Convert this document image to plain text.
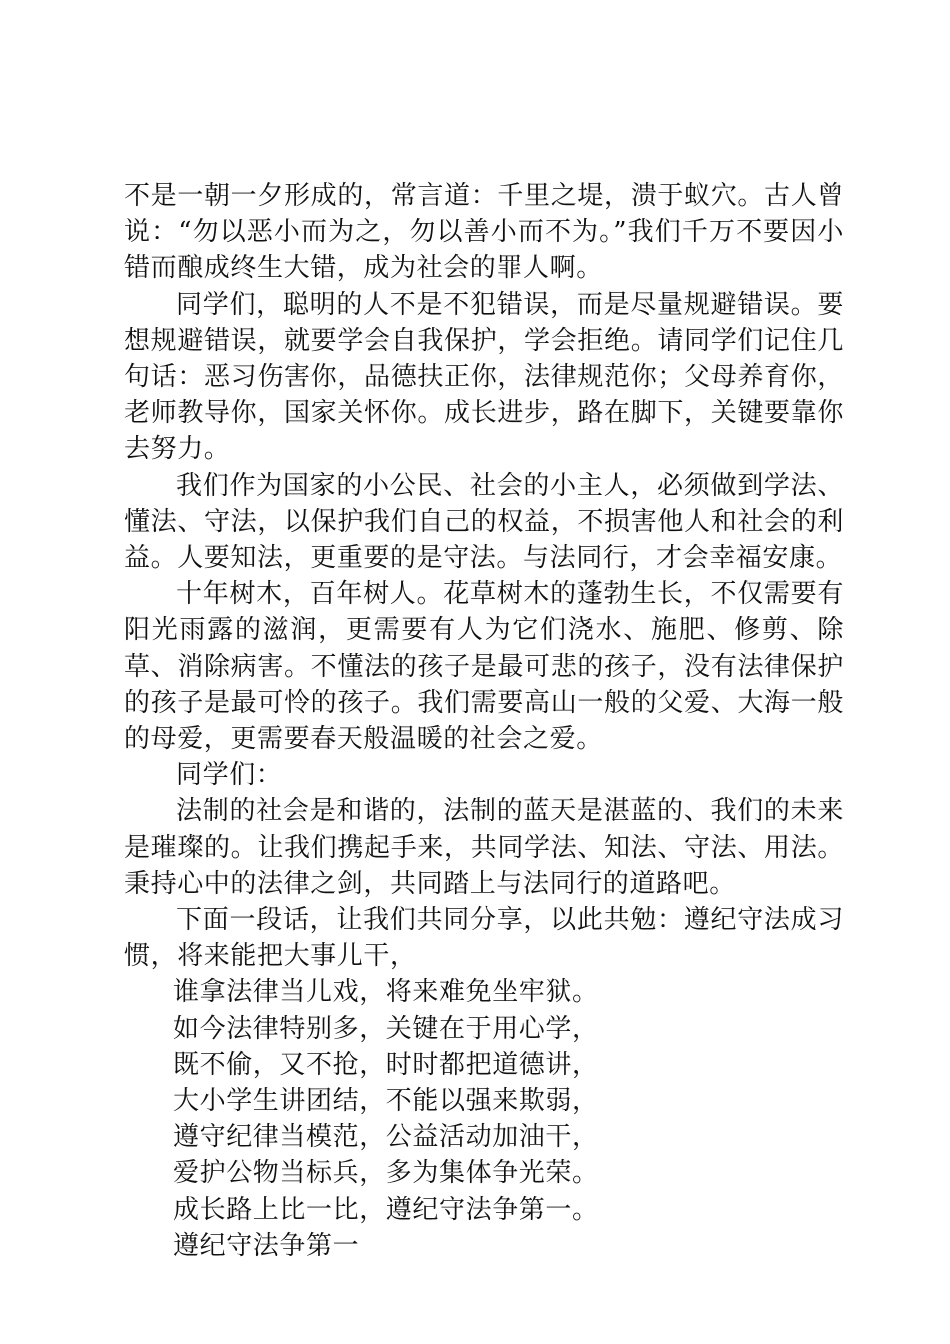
不是一朝一夕形成的，常言道：千里之堤，溃于蚁穴。古人曾说：“勿以恶小而为之，勿以善小而不为。”我们千万不要因小错而酿成终生大错，成为社会的罪人啊。

同学们，聪明的人不是不犯错误，而是尽量规避错误。要想规避错误，就要学会自我保护，学会拒绝。请同学们记住几句话：恶习伤害你，品德扶正你，法律规范你；父母养育你，老师教导你，国家关怀你。成长进步，路在脚下，关键要靠你去努力。

我们作为国家的小公民、社会的小主人，必须做到学法、懂法、守法，以保护我们自己的权益，不损害他人和社会的利益。人要知法，更重要的是守法。与法同行，才会幸福安康。

十年树木，百年树人。花草树木的蓬勃生长，不仅需要有阳光雨露的滋润，更需要有人为它们浇水、施肥、修剪、除草、消除病害。不懂法的孩子是最可悲的孩子，没有法律保护的孩子是最可怜的孩子。我们需要高山一般的父爱、大海一般的母爱，更需要春天般温暖的社会之爱。

同学们：

法制的社会是和谐的，法制的蓝天是湛蓝的、我们的未来是璀璨的。让我们携起手来，共同学法、知法、守法、用法。秉持心中的法律之剑，共同踏上与法同行的道路吧。

下面一段话，让我们共同分享，以此共勉：遵纪守法成习惯，将来能把大事儿干，

谁拿法律当儿戏，将来难免坐牢狱。

如今法律特别多，关键在于用心学，

既不偷，又不抢，时时都把道德讲，

大小学生讲团结，不能以强来欺弱，

遵守纪律当模范，公益活动加油干，

爱护公物当标兵，多为集体争光荣。

成长路上比一比，遵纪守法争第一。

遵纪守法争第一
